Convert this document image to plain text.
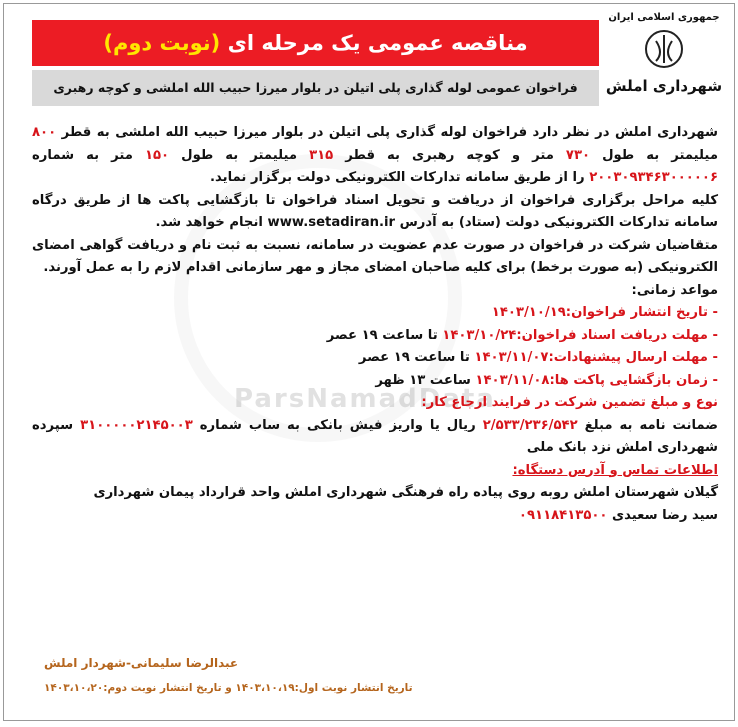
ParsNamadData
جمهوری اسلامی ایران
شهرداری املش
مناقصه عمومی یک مرحله ای (نوبت دوم)
فراخوان عمومی لوله گذاری پلی اتیلن در بلوار میرزا حبیب الله املشی و کوچه رهبری

شهرداری املش در نظر دارد فراخوان لوله گذاری پلی اتیلن در بلوار میرزا حبیب الله املشی به قطر ۸۰۰ میلیمتر به طول ۷۳۰ متر و کوچه رهبری به قطر ۳۱۵ میلیمتر به طول ۱۵۰ متر به شماره ۲۰۰۳۰۹۳۴۶۳۰۰۰۰۰۶ را از طریق سامانه تدارکات الکترونیکی دولت برگزار نماید.

کلیه مراحل برگزاری فراخوان از دریافت و تحویل اسناد فراخوان تا بازگشایی پاکت ها از طریق درگاه سامانه تدارکات الکترونیکی دولت (ستاد) به آدرس www.setadiran.ir انجام خواهد شد.

متقاضیان شرکت در فراخوان در صورت عدم عضویت در سامانه، نسبت به ثبت نام و دریافت گواهی امضای الکترونیکی (به صورت برخط) برای کلیه صاحبان امضای مجاز و مهر سازمانی اقدام لازم را به عمل آورند.

مواعد زمانی:

- تاریخ انتشار فراخوان:۱۴۰۳/۱۰/۱۹
- مهلت دریافت اسناد فراخوان:۱۴۰۳/۱۰/۲۴ تا ساعت ۱۹ عصر
- مهلت ارسال پیشنهادات:۱۴۰۳/۱۱/۰۷ تا ساعت ۱۹ عصر
- زمان بازگشایی پاکت ها:۱۴۰۳/۱۱/۰۸ ساعت ۱۳ ظهر

نوع و مبلغ تضمین شرکت در فرایند ارجاع کار:

ضمانت نامه به مبلغ ۲/۵۳۳/۲۳۶/۵۴۲ ریال یا واریز فیش بانکی به ساب شماره ۳۱۰۰۰۰۰۲۱۴۵۰۰۳ سپرده شهرداری املش نزد بانک ملی

اطلاعات تماس و آدرس دستگاه:

گیلان شهرستان املش روبه روی پیاده راه فرهنگی شهرداری املش واحد قرارداد پیمان شهرداری

سید رضا سعیدی ۰۹۱۱۸۴۱۳۵۰۰

عبدالرضا سلیمانی-شهردار املش
تاریخ انتشار نوبت اول:۱۴۰۳،۱۰،۱۹ و تاریخ انتشار نوبت دوم:۱۴۰۳،۱۰،۲۰
